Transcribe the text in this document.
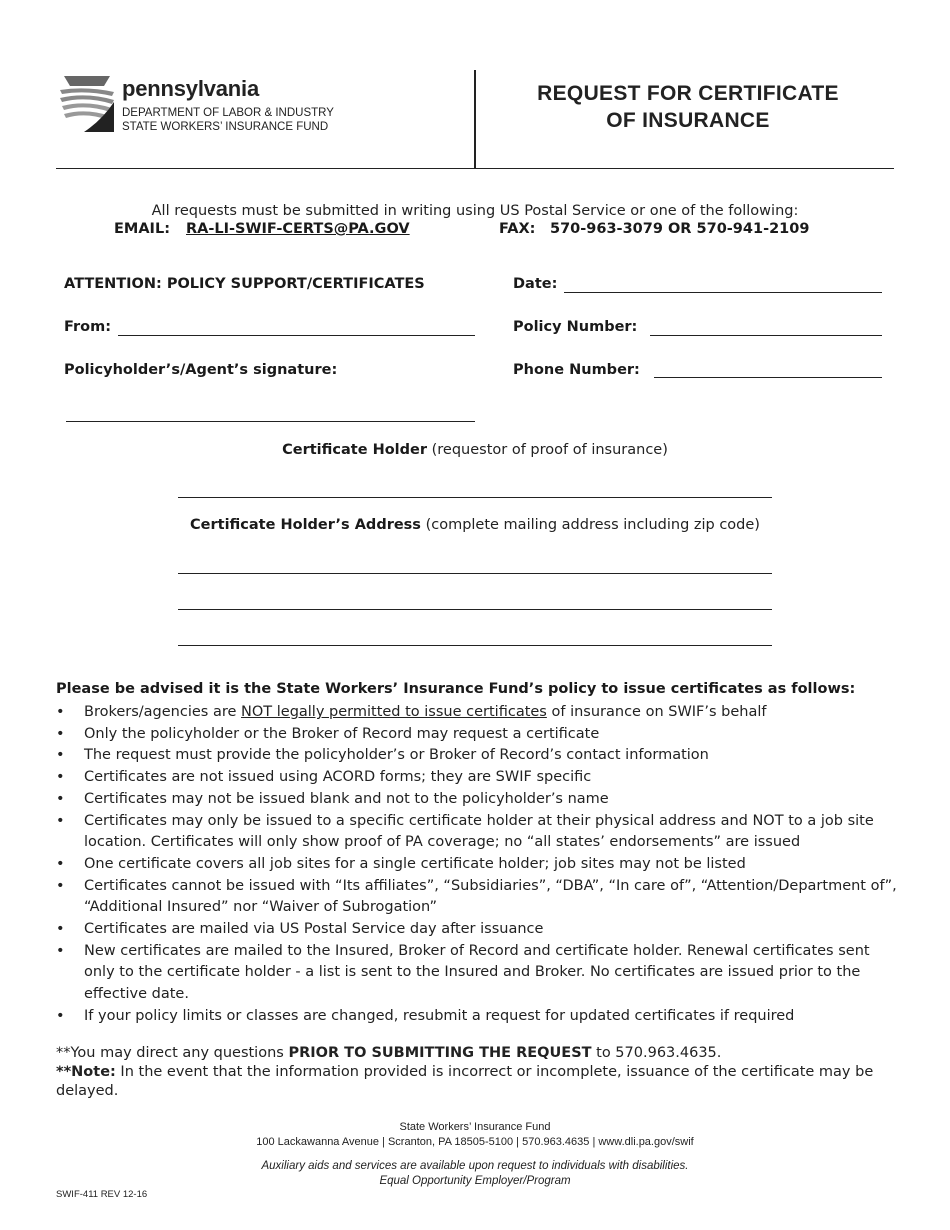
pennsylvania
DEPARTMENT OF LABOR & INDUSTRY
STATE WORKERS’ INSURANCE FUND
REQUEST FOR CERTIFICATE
OF INSURANCE
All requests must be submitted in writing using US Postal Service or one of the following:
EMAIL: RA-LI-SWIF-CERTS@PA.GOV	FAX: 570-963-3079 OR 570-941-2109
ATTENTION: POLICY SUPPORT/CERTIFICATES	Date:
From:	Policy Number:
Policyholder’s/Agent’s signature:	Phone Number:
Certificate Holder (requestor of proof of insurance)
Certificate Holder’s Address (complete mailing address including zip code)
Please be advised it is the State Workers’ Insurance Fund’s policy to issue certificates as follows:
• Brokers/agencies are NOT legally permitted to issue certificates of insurance on SWIF’s behalf
• Only the policyholder or the Broker of Record may request a certificate
• The request must provide the policyholder’s or Broker of Record’s contact information
• Certificates are not issued using ACORD forms; they are SWIF specific
• Certificates may not be issued blank and not to the policyholder’s name
• Certificates may only be issued to a specific certificate holder at their physical address and NOT to a job site location. Certificates will only show proof of PA coverage; no “all states’ endorsements” are issued
• One certificate covers all job sites for a single certificate holder; job sites may not be listed
• Certificates cannot be issued with “Its affiliates”, “Subsidiaries”, “DBA”, “In care of”, “Attention/Department of”, “Additional Insured” nor “Waiver of Subrogation”
• Certificates are mailed via US Postal Service day after issuance
• New certificates are mailed to the Insured, Broker of Record and certificate holder. Renewal certificates sent only to the certificate holder - a list is sent to the Insured and Broker. No certificates are issued prior to the effective date.
• If your policy limits or classes are changed, resubmit a request for updated certificates if required
**You may direct any questions PRIOR TO SUBMITTING THE REQUEST to 570.963.4635.
**Note: In the event that the information provided is incorrect or incomplete, issuance of the certificate may be delayed.
State Workers’ Insurance Fund
100 Lackawanna Avenue | Scranton, PA 18505-5100 | 570.963.4635 | www.dli.pa.gov/swif
Auxiliary aids and services are available upon request to individuals with disabilities.
Equal Opportunity Employer/Program
SWIF-411 REV 12-16
